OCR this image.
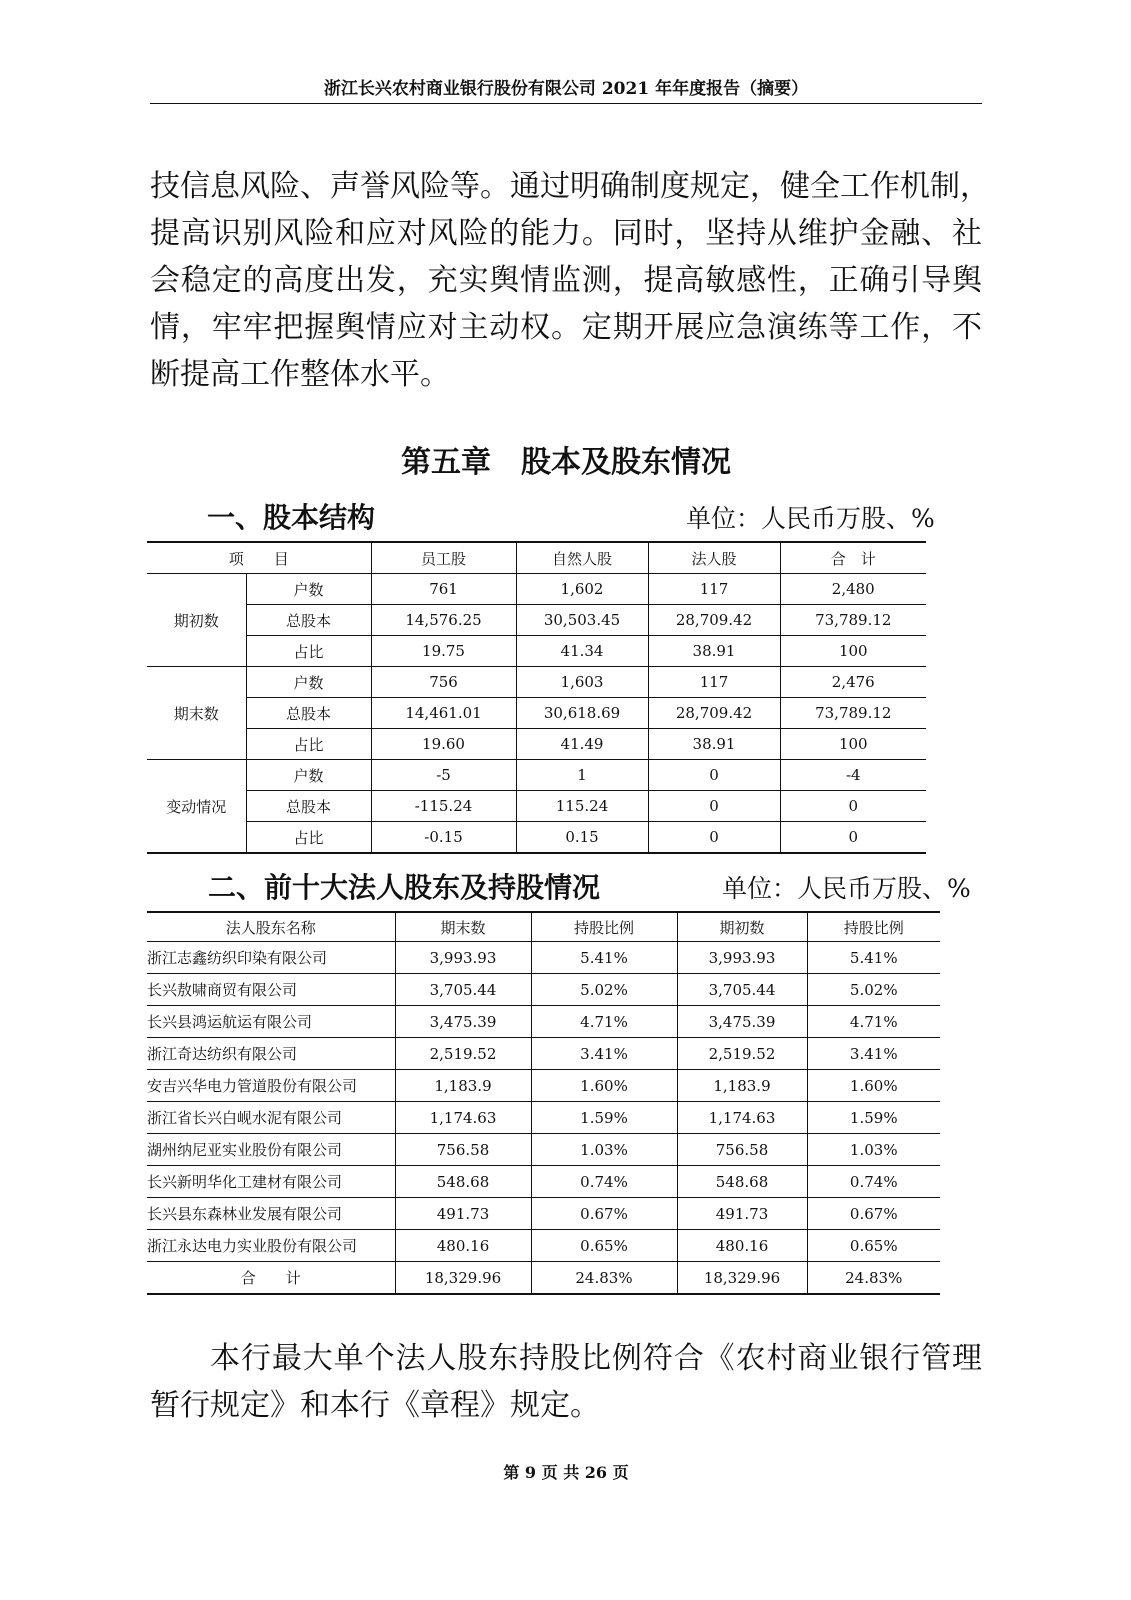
浙江长兴农村商业银行股份有限公司 2021 年年度报告（摘要）

技信息风险、声誉风险等。通过明确制度规定，健全工作机制，
提高识别风险和应对风险的能力。同时，坚持从维护金融、社
会稳定的高度出发，充实舆情监测，提高敏感性，正确引导舆
情，牢牢把握舆情应对主动权。定期开展应急演练等工作，不
断提高工作整体水平。

第五章　股本及股东情况
一、股本结构	单位：人民币万股、%
项　　目		员工股	自然人股	法人股	合　计
期初数	户数	761	1,602	117	2,480
	总股本	14,576.25	30,503.45	28,709.42	73,789.12
	占比	19.75	41.34	38.91	100
期末数	户数	756	1,603	117	2,476
	总股本	14,461.01	30,618.69	28,709.42	73,789.12
	占比	19.60	41.49	38.91	100
变动情况	户数	-5	1	0	-4
	总股本	-115.24	115.24	0	0
	占比	-0.15	0.15	0	0
二、前十大法人股东及持股情况	单位：人民币万股、%
法人股东名称	期末数	持股比例	期初数	持股比例
浙江志鑫纺织印染有限公司	3,993.93	5.41%	3,993.93	5.41%
长兴敖啸商贸有限公司	3,705.44	5.02%	3,705.44	5.02%
长兴县鸿运航运有限公司	3,475.39	4.71%	3,475.39	4.71%
浙江奇达纺织有限公司	2,519.52	3.41%	2,519.52	3.41%
安吉兴华电力管道股份有限公司	1,183.9	1.60%	1,183.9	1.60%
浙江省长兴白岘水泥有限公司	1,174.63	1.59%	1,174.63	1.59%
湖州纳尼亚实业股份有限公司	756.58	1.03%	756.58	1.03%
长兴新明华化工建材有限公司	548.68	0.74%	548.68	0.74%
长兴县东森林业发展有限公司	491.73	0.67%	491.73	0.67%
浙江永达电力实业股份有限公司	480.16	0.65%	480.16	0.65%
合　　计	18,329.96	24.83%	18,329.96	24.83%

本行最大单个法人股东持股比例符合《农村商业银行管理
暂行规定》和本行《章程》规定。

第 9 页 共 26 页
